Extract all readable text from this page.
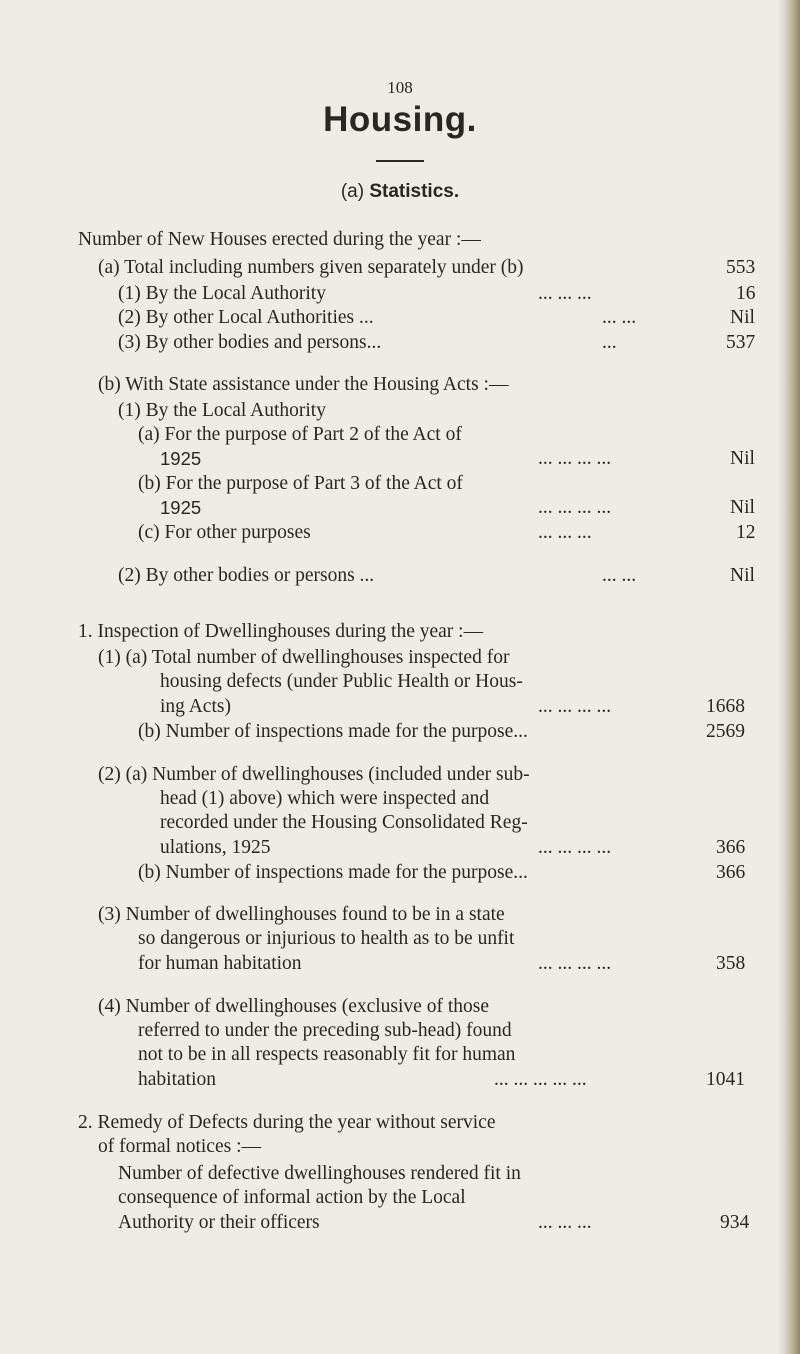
108
Housing.
(a) Statistics.
Number of New Houses erected during the year :—
(a) Total including numbers given separately under (b)	553
(1) By the Local Authority	... ... ...	16
(2) By other Local Authorities ...	... ...	Nil
(3) By other bodies and persons...	...	537
(b) With State assistance under the Housing Acts :—
(1) By the Local Authority
(a) For the purpose of Part 2 of the Act of
1925	... ... ... ...	Nil
(b) For the purpose of Part 3 of the Act of
1925	... ... ... ...	Nil
(c) For other purposes	... ... ...	12
(2) By other bodies or persons ...	... ...	Nil
1. Inspection of Dwellinghouses during the year :—
(1) (a) Total number of dwellinghouses inspected for
housing defects (under Public Health or Hous-
ing Acts)	... ... ... ...	1668
(b) Number of inspections made for the purpose...	2569
(2) (a) Number of dwellinghouses (included under sub-
head (1) above) which were inspected and
recorded under the Housing Consolidated Reg-
ulations, 1925	... ... ... ...	366
(b) Number of inspections made for the purpose...	366
(3) Number of dwellinghouses found to be in a state
so dangerous or injurious to health as to be unfit
for human habitation	... ... ... ...	358
(4) Number of dwellinghouses (exclusive of those
referred to under the preceding sub-head) found
not to be in all respects reasonably fit for human
habitation	... ... ... ... ...	1041
2. Remedy of Defects during the year without service
of formal notices :—
Number of defective dwellinghouses rendered fit in
consequence of informal action by the Local
Authority or their officers	... ... ...	934
